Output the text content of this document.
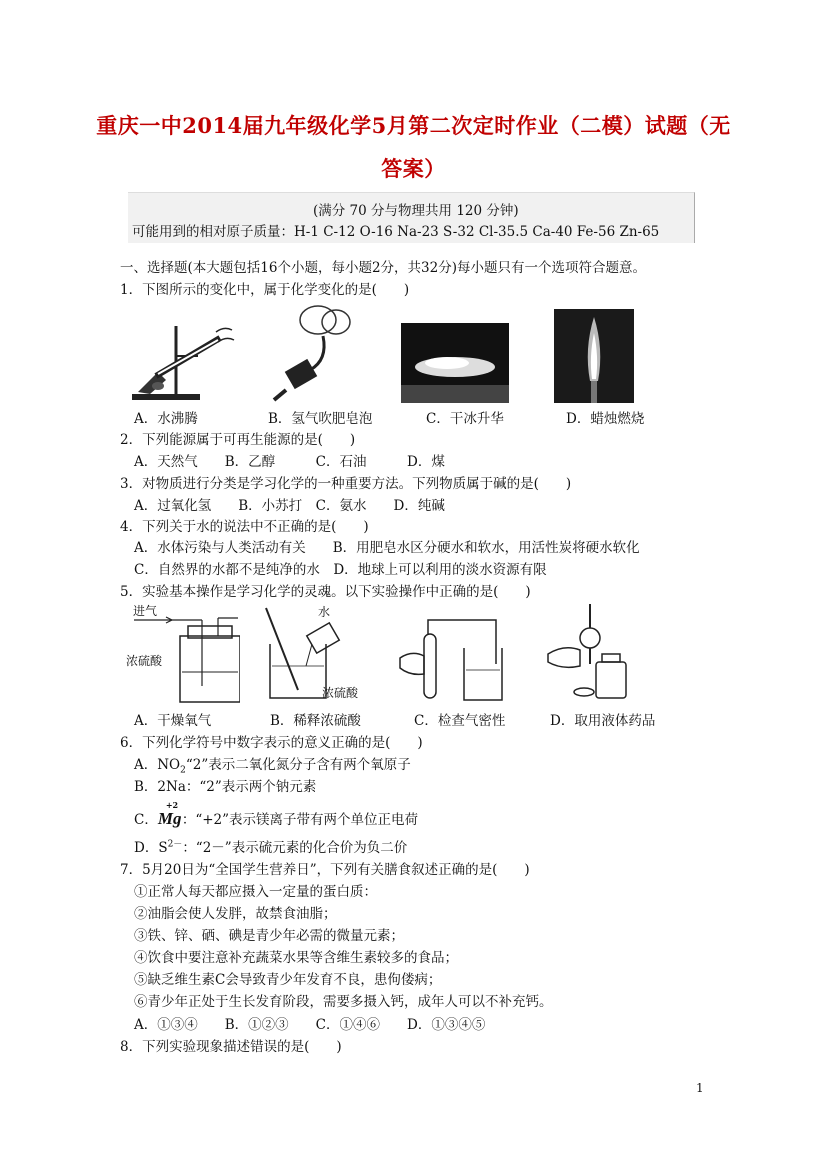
重庆一中2014届九年级化学5月第二次定时作业（二模）试题（无
答案）
(满分 70 分与物理共用 120 分钟)
可能用到的相对原子质量：H-1 C-12 O-16 Na-23 S-32 Cl-35.5 Ca-40 Fe-56 Zn-65
一、选择题(本大题包括16个小题，每小题2分，共32分)每小题只有一个选项符合题意。
1．下图所示的变化中，属于化学变化的是(　　)
A．水沸腾	B．氢气吹肥皂泡	C．干冰升华	D．蜡烛燃烧
2．下列能源属于可再生能源的是(　　)
A．天然气　　B．乙醇　　　C．石油　　　D．煤
3．对物质进行分类是学习化学的一种重要方法。下列物质属于碱的是(　　)
A．过氧化氢　　B．小苏打　C．氨水　　D．纯碱
4．下列关于水的说法中不正确的是(　　)
A．水体污染与人类活动有关　　B．用肥皂水区分硬水和软水，用活性炭将硬水软化
C．自然界的水都不是纯净的水　D．地球上可以利用的淡水资源有限
5．实验基本操作是学习化学的灵魂。以下实验操作中正确的是(　　)
进气
浓硫酸
A．干燥氧气
水
浓硫酸
B．稀释浓硫酸	C．检查气密性	D．取用液体药品
6．下列化学符号中数字表示的意义正确的是(　　)
A．$NO_2“2$”表示二氧化氮分子含有两个氧原子
B．2Na：“2”表示两个钠元素
C．
+2
Mg：“+2”表示镁离子带有两个单位正电荷
D．$S^{2-}$：“2－”表示硫元素的化合价为负二价
7．5月20日为“全国学生营养日”，下列有关膳食叙述正确的是(　　)
①正常人每天都应摄入一定量的蛋白质：
②油脂会使人发胖，故禁食油脂；
③铁、锌、硒、碘是青少年必需的微量元素；
④饮食中要注意补充蔬菜水果等含维生素较多的食品；
⑤缺乏维生素C会导致青少年发育不良，患佝偻病；
⑥青少年正处于生长发育阶段，需要多摄入钙，成年人可以不补充钙。
A．①③④　　B．①②③　　C．①④⑥　　D．①③④⑤
8．下列实验现象描述错误的是(　　)
1
